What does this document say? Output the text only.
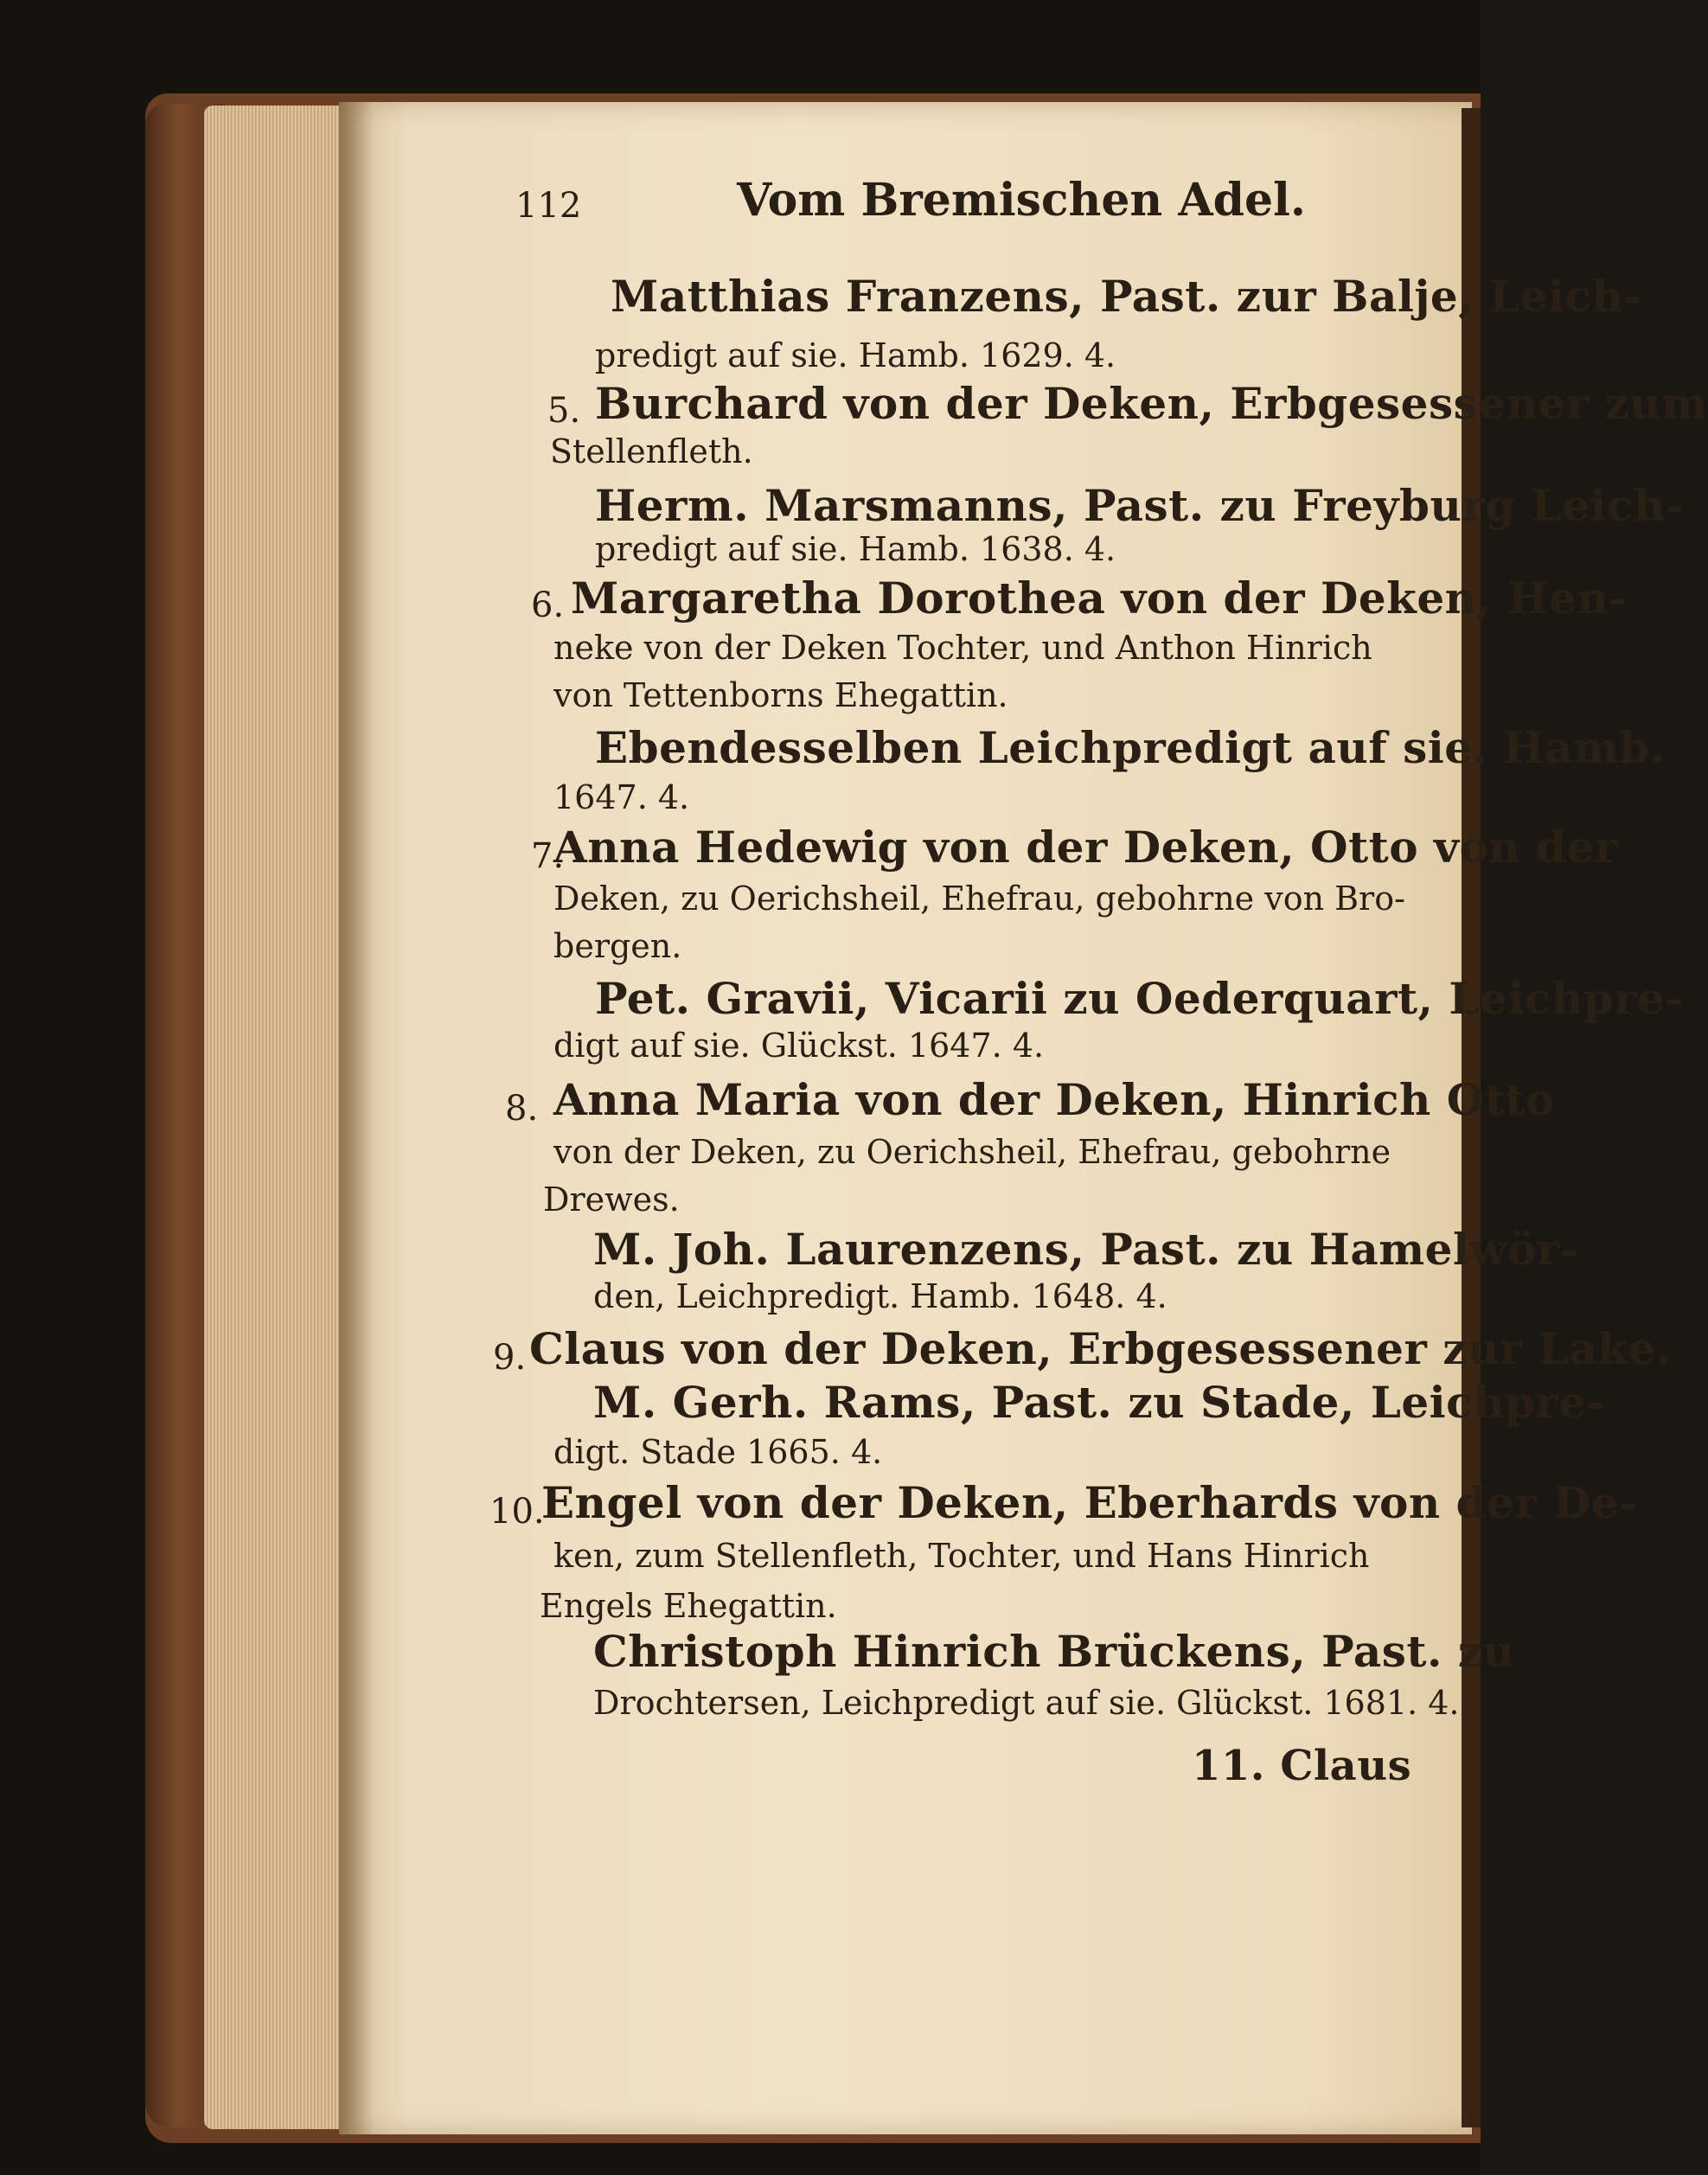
112	Vom Bremischen Adel.
Matthias Franzens, Past. zur Balje, Leich-
predigt auf sie. Hamb. 1629. 4.
5. Burchard von der Deken, Erbgesessener zum
Stellenfleth.
Herm. Marsmanns, Past. zu Freyburg Leich-
predigt auf sie. Hamb. 1638. 4.
6. Margaretha Dorothea von der Deken, Hen-
neke von der Deken Tochter, und Anthon Hinrich
von Tettenborns Ehegattin.
Ebendesselben Leichpredigt auf sie. Hamb.
1647. 4.
7.
Anna Hedewig von der Deken, Otto von der
Deken, zu Oerichsheil, Ehefrau, gebohrne von Bro-
bergen.
Pet. Gravii, Vicarii zu Oederquart, Leichpre-
digt auf sie. Glückst. 1647. 4.
8. Anna Maria von der Deken, Hinrich Otto
von der Deken, zu Oerichsheil, Ehefrau, gebohrne
Drewes.
M. Joh. Laurenzens, Past. zu Hamelwör-
den, Leichpredigt. Hamb. 1648. 4.
9. Claus von der Deken, Erbgesessener zur Lake.
M. Gerh. Rams, Past. zu Stade, Leichpre-
digt. Stade 1665. 4.
10.
Engel von der Deken, Eberhards von der De-
ken, zum Stellenfleth, Tochter, und Hans Hinrich
Engels Ehegattin.
Christoph Hinrich Brückens, Past. zu
Drochtersen, Leichpredigt auf sie. Glückst. 1681. 4.
11. Claus
